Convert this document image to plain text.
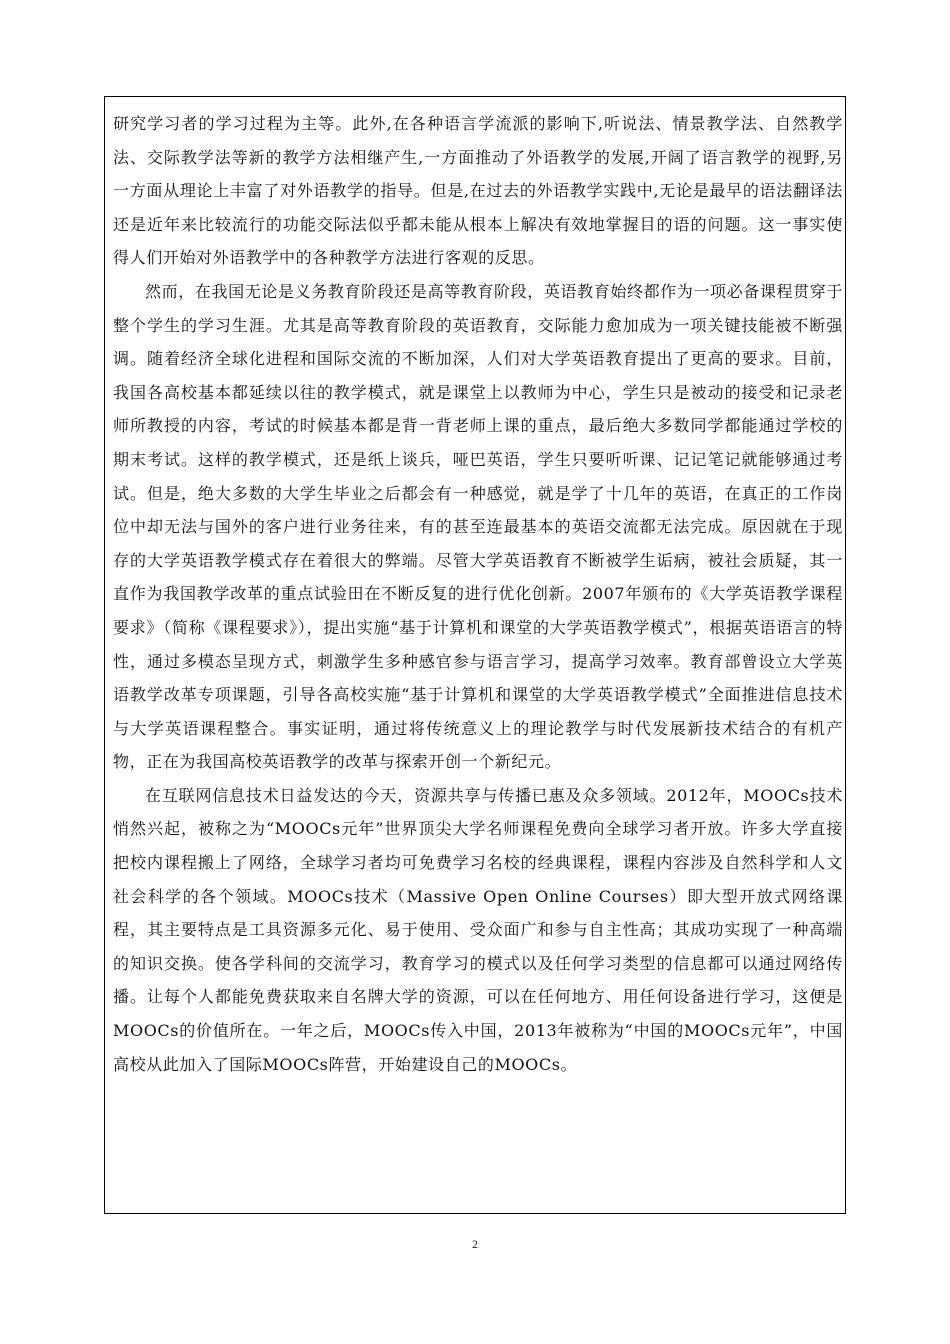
研究学习者的学习过程为主等。此外,在各种语言学流派的影响下,听说法、情景教学法、自然教学法、交际教学法等新的教学方法相继产生,一方面推动了外语教学的发展,开阔了语言教学的视野,另一方面从理论上丰富了对外语教学的指导。但是,在过去的外语教学实践中,无论是最早的语法翻译法还是近年来比较流行的功能交际法似乎都未能从根本上解决有效地掌握目的语的问题。这一事实使得人们开始对外语教学中的各种教学方法进行客观的反思。

然而，在我国无论是义务教育阶段还是高等教育阶段，英语教育始终都作为一项必备课程贯穿于整个学生的学习生涯。尤其是高等教育阶段的英语教育，交际能力愈加成为一项关键技能被不断强调。随着经济全球化进程和国际交流的不断加深，人们对大学英语教育提出了更高的要求。目前，我国各高校基本都延续以往的教学模式，就是课堂上以教师为中心，学生只是被动的接受和记录老师所教授的内容，考试的时候基本都是背一背老师上课的重点，最后绝大多数同学都能通过学校的期末考试。这样的教学模式，还是纸上谈兵，哑巴英语，学生只要听听课、记记笔记就能够通过考试。但是，绝大多数的大学生毕业之后都会有一种感觉，就是学了十几年的英语，在真正的工作岗位中却无法与国外的客户进行业务往来，有的甚至连最基本的英语交流都无法完成。原因就在于现存的大学英语教学模式存在着很大的弊端。尽管大学英语教育不断被学生诟病，被社会质疑，其一直作为我国教学改革的重点试验田在不断反复的进行优化创新。2007年颁布的《大学英语教学课程要求》（简称《课程要求》），提出实施“基于计算机和课堂的大学英语教学模式”，根据英语语言的特性，通过多模态呈现方式，刺激学生多种感官参与语言学习，提高学习效率。教育部曾设立大学英语教学改革专项课题，引导各高校实施“基于计算机和课堂的大学英语教学模式”全面推进信息技术与大学英语课程整合。事实证明，通过将传统意义上的理论教学与时代发展新技术结合的有机产物，正在为我国高校英语教学的改革与探索开创一个新纪元。

在互联网信息技术日益发达的今天，资源共享与传播已惠及众多领域。2012年，MOOCs技术悄然兴起，被称之为“MOOCs元年”世界顶尖大学名师课程免费向全球学习者开放。许多大学直接把校内课程搬上了网络，全球学习者均可免费学习名校的经典课程，课程内容涉及自然科学和人文社会科学的各个领域。MOOCs技术（Massive Open Online Courses）即大型开放式网络课程，其主要特点是工具资源多元化、易于使用、受众面广和参与自主性高；其成功实现了一种高端的知识交换。使各学科间的交流学习，教育学习的模式以及任何学习类型的信息都可以通过网络传播。让每个人都能免费获取来自名牌大学的资源，可以在任何地方、用任何设备进行学习，这便是MOOCs的价值所在。一年之后，MOOCs传入中国，2013年被称为“中国的MOOCs元年”，中国高校从此加入了国际MOOCs阵营，开始建设自己的MOOCs。

2
